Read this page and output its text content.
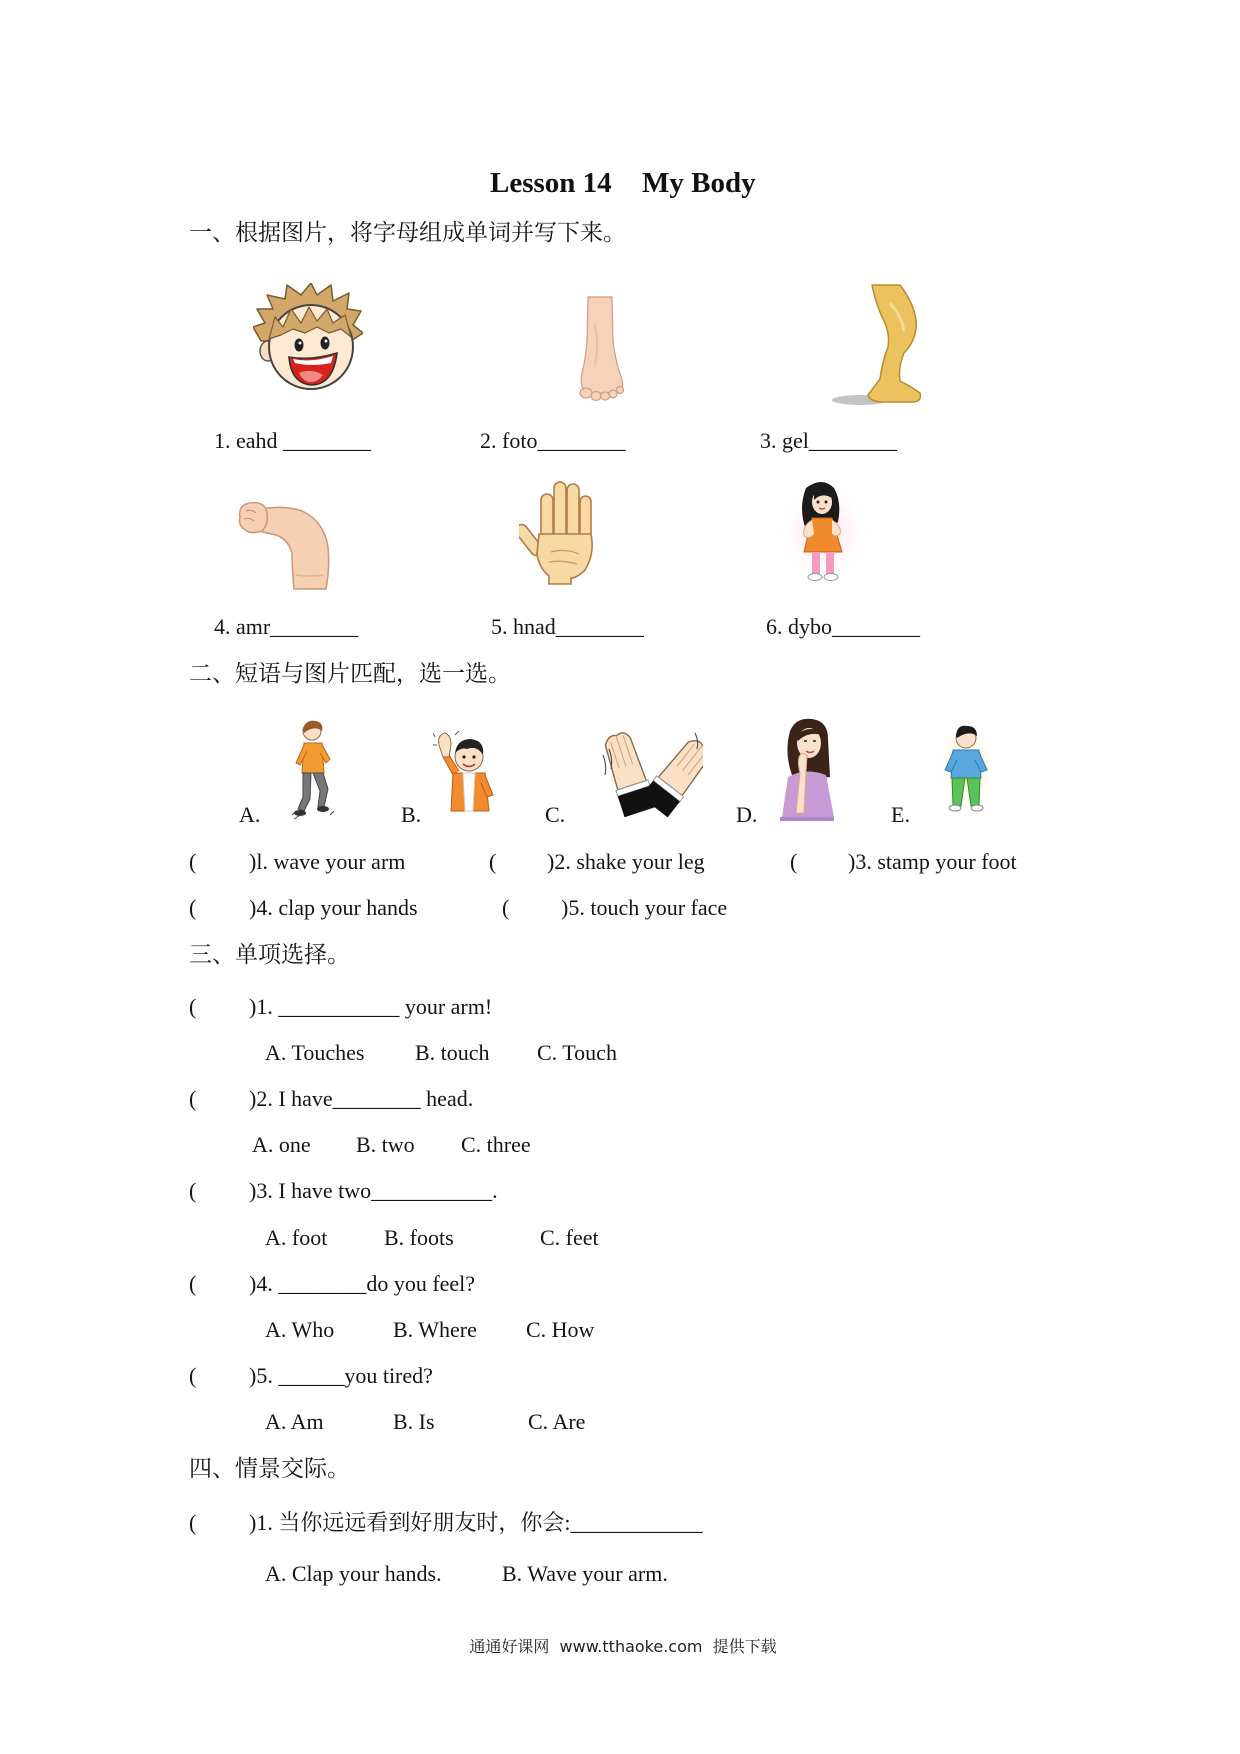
Lesson 14 My Body
一、根据图片，将字母组成单词并写下来。
1. eahd ________	2. foto________	3. gel________
4. amr________	5. hnad________	6. dybo________
二、短语与图片匹配，选一选。
A.	B.	C.	D.	E.
( )l. wave your arm	( )2. shake your leg	( )3. stamp your foot
( )4. clap your hands	( )5. touch your face
三、单项选择。
( )1. ___________ your arm!
A. Touches B. touch C. Touch
( )2. I have________ head.
A. one B. two C. three
( )3. I have two___________.
A. foot	B. foots	C. feet
( )4. ________do you feel?
A. Who	B. Where C. How
( )5. ______you tired?
A. Am	B. Is	C. Are
四、情景交际。
( )1. 当你远远看到好朋友时，你会:____________
A. Clap your hands.	B. Wave your arm.
通通好课网  www.tthaoke.com  提供下载
